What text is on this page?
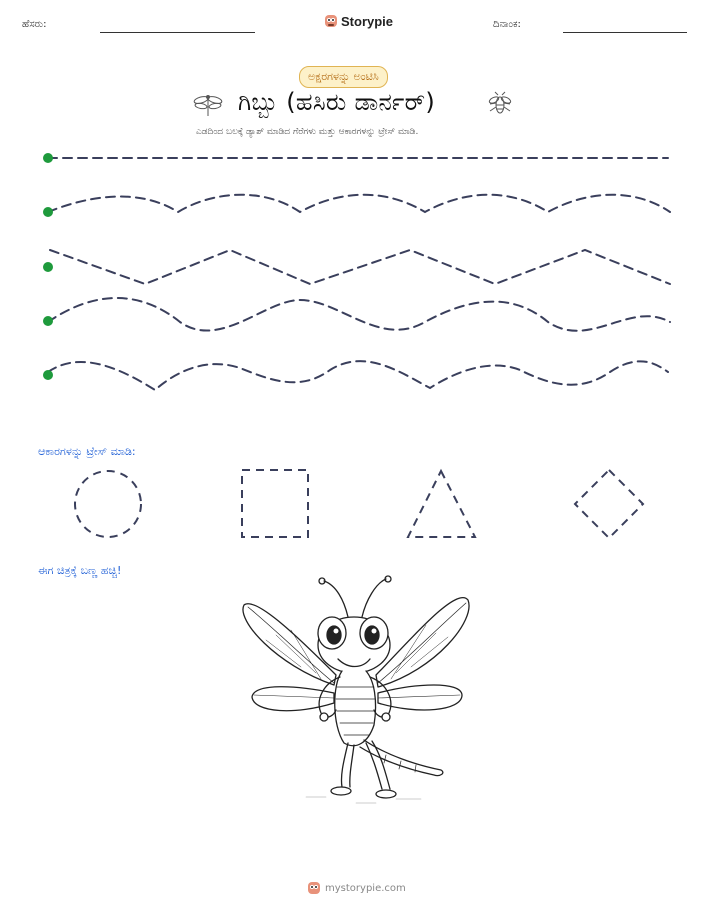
ಹೆಸರು:	Storypie	ದಿನಾಂಕ:
ಅಕ್ಷರಗಳನ್ನು ಅಂಟಿಸಿ
ಗಿಬ್ಬು (ಹಸಿರು ಡಾರ್ನರ್)
ಎಡದಿಂದ ಬಲಕ್ಕೆ ಡ್ಯಾಶ್ ಮಾಡಿದ ಗೆರೆಗಳು ಮತ್ತು ಆಕಾರಗಳನ್ನು ಟ್ರೇಸ್ ಮಾಡಿ.
ಆಕಾರಗಳನ್ನು ಟ್ರೇಸ್ ಮಾಡಿ:
ಈಗ ಚಿತ್ರಕ್ಕೆ ಬಣ್ಣ ಹಚ್ಚಿ!
mystorypie.com
